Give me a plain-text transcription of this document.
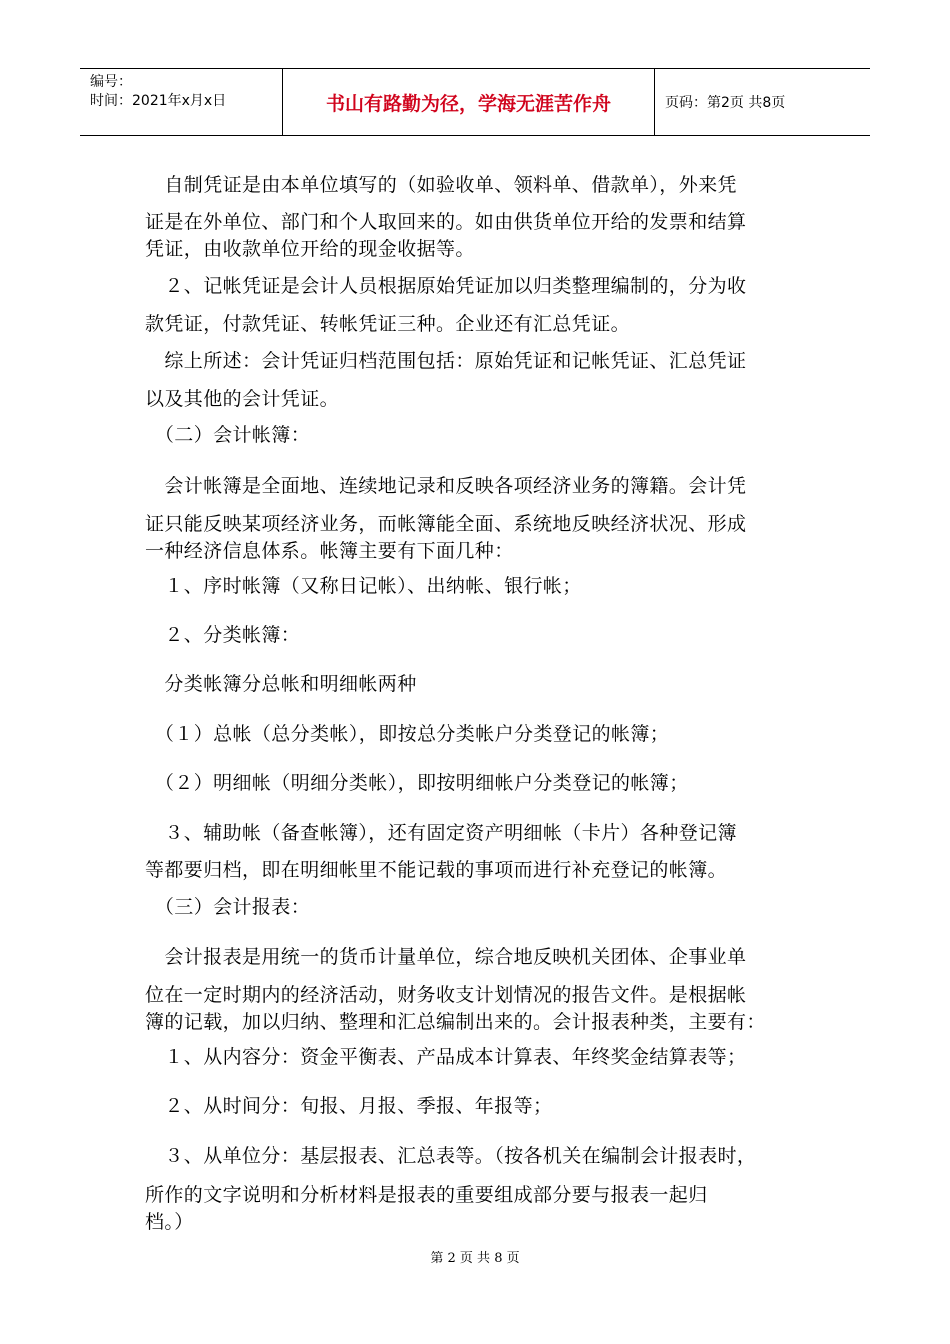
编号：
时间：2021年x月x日	书山有路勤为径，学海无涯苦作舟	页码：第2页 共8页

　自制凭证是由本单位填写的（如验收单、领料单、借款单），外来凭

证是在外单位、部门和个人取回来的。如由供货单位开给的发票和结算

凭证，由收款单位开给的现金收据等。

　２、记帐凭证是会计人员根据原始凭证加以归类整理编制的，分为收

款凭证，付款凭证、转帐凭证三种。企业还有汇总凭证。

　综上所述：会计凭证归档范围包括：原始凭证和记帐凭证、汇总凭证

以及其他的会计凭证。

　（二）会计帐簿：

　会计帐簿是全面地、连续地记录和反映各项经济业务的簿籍。会计凭

证只能反映某项经济业务，而帐簿能全面、系统地反映经济状况、形成

一种经济信息体系。帐簿主要有下面几种：

　１、序时帐簿（又称日记帐）、出纳帐、银行帐；

　２、分类帐簿：

　分类帐簿分总帐和明细帐两种

　（１）总帐（总分类帐），即按总分类帐户分类登记的帐簿；

　（２）明细帐（明细分类帐），即按明细帐户分类登记的帐簿；

　３、辅助帐（备查帐簿），还有固定资产明细帐（卡片）各种登记簿

等都要归档，即在明细帐里不能记载的事项而进行补充登记的帐簿。

　（三）会计报表：

　会计报表是用统一的货币计量单位，综合地反映机关团体、企事业单

位在一定时期内的经济活动，财务收支计划情况的报告文件。是根据帐

簿的记载，加以归纳、整理和汇总编制出来的。会计报表种类，主要有：

　１、从内容分：资金平衡表、产品成本计算表、年终奖金结算表等；

　２、从时间分：旬报、月报、季报、年报等；

　３、从单位分：基层报表、汇总表等。（按各机关在编制会计报表时，

所作的文字说明和分析材料是报表的重要组成部分要与报表一起归

档。）

第 2 页 共 8 页
